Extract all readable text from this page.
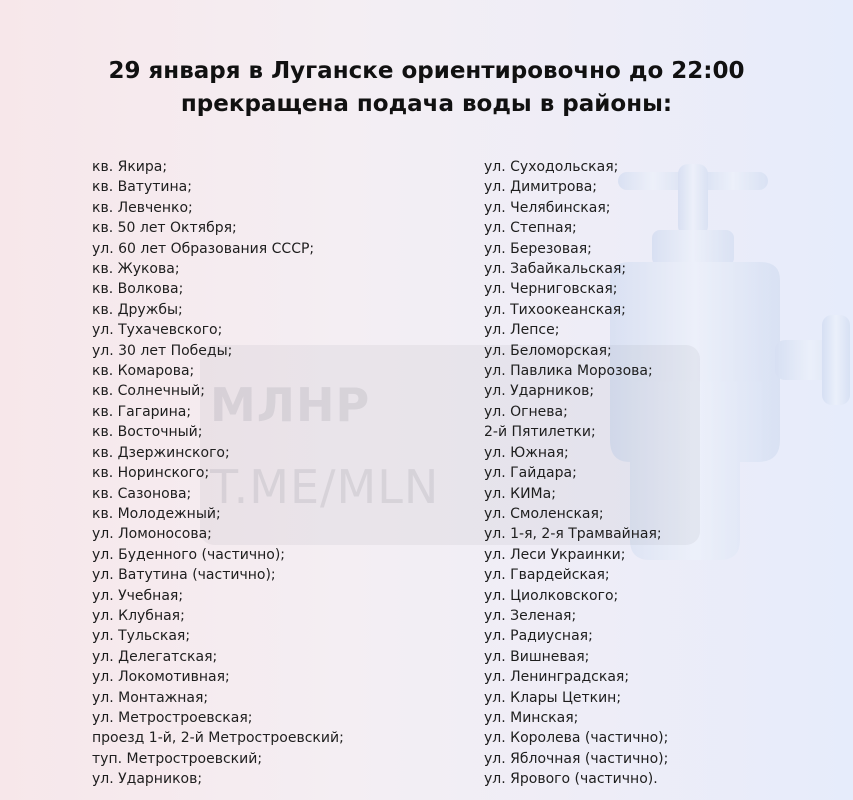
МЛНР
T.ME/MLN
29 января в Луганске ориентировочно до 22:00
прекращена подача воды в районы:
кв. Якира;
кв. Ватутина;
кв. Левченко;
кв. 50 лет Октября;
ул. 60 лет Образования СССР;
кв. Жукова;
кв. Волкова;
кв. Дружбы;
ул. Тухачевского;
ул. 30 лет Победы;
кв. Комарова;
кв. Солнечный;
кв. Гагарина;
кв. Восточный;
кв. Дзержинского;
кв. Норинского;
кв. Сазонова;
кв. Молодежный;
ул. Ломоносова;
ул. Буденного (частично);
ул. Ватутина (частично);
ул. Учебная;
ул. Клубная;
ул. Тульская;
ул. Делегатская;
ул. Локомотивная;
ул. Монтажная;
ул. Метростроевская;
проезд 1-й, 2-й Метростроевский;
туп. Метростроевский;
ул. Ударников;
ул. Суходольская;
ул. Димитрова;
ул. Челябинская;
ул. Степная;
ул. Березовая;
ул. Забайкальская;
ул. Черниговская;
ул. Тихоокеанская;
ул. Лепсе;
ул. Беломорская;
ул. Павлика Морозова;
ул. Ударников;
ул. Огнева;
2-й Пятилетки;
ул. Южная;
ул. Гайдара;
ул. КИМа;
ул. Смоленская;
ул. 1-я, 2-я Трамвайная;
ул. Леси Украинки;
ул. Гвардейская;
ул. Циолковского;
ул. Зеленая;
ул. Радиусная;
ул. Вишневая;
ул. Ленинградская;
ул. Клары Цеткин;
ул. Минская;
ул. Королева (частично);
ул. Яблочная (частично);
ул. Ярового (частично).
